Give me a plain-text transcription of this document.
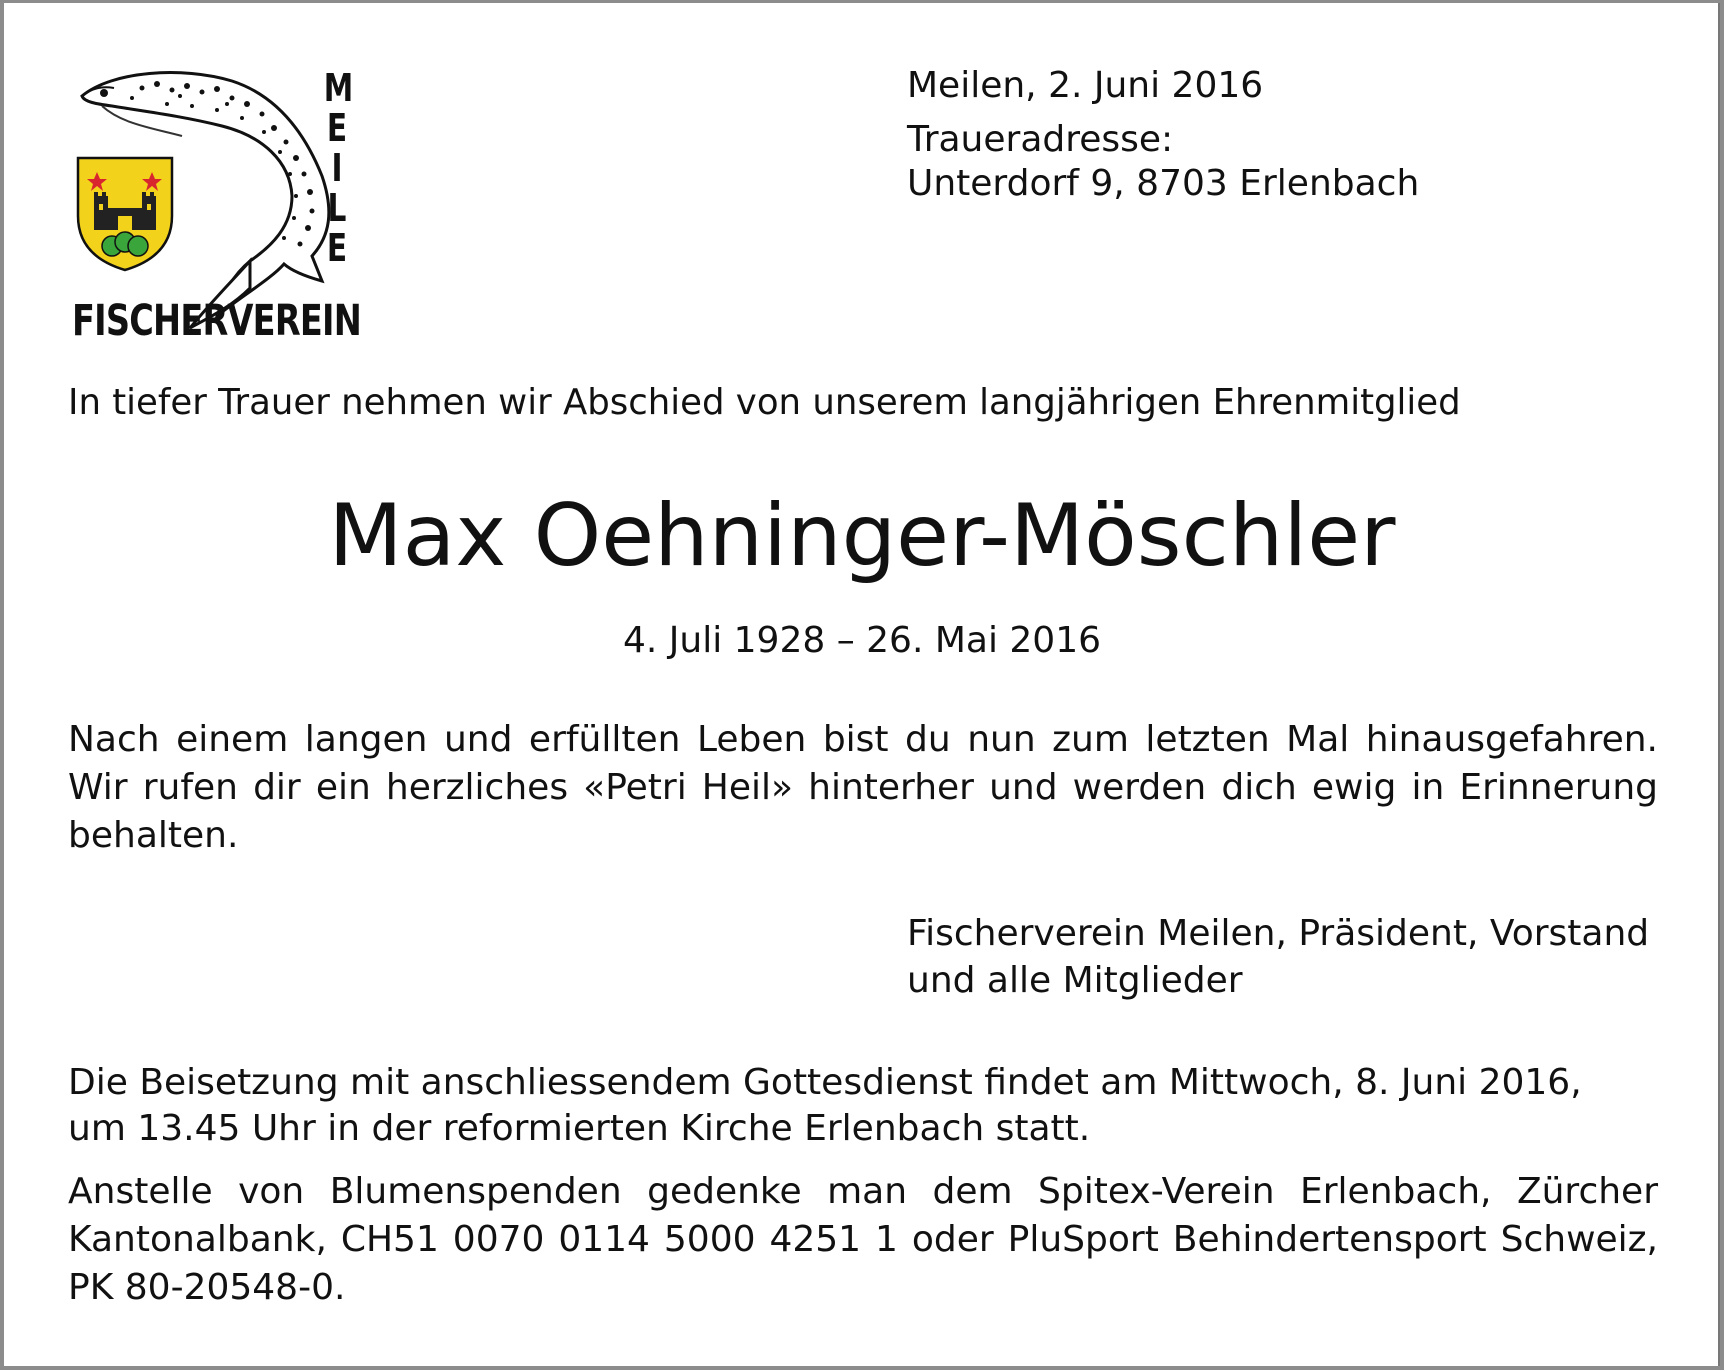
M
E
I
L
E
FISCHERVEREIN
Meilen, 2. Juni 2016
Traueradresse:
Unterdorf 9, 8703 Erlenbach
In tiefer Trauer nehmen wir Abschied von unserem langjährigen Ehrenmitglied
Max Oehninger-Möschler
4. Juli 1928 – 26. Mai 2016
Nach einem langen und erfüllten Leben bist du nun zum letzten Mal hinausgefahren. Wir rufen dir ein herzliches «Petri Heil» hinterher und werden dich ewig in Erinnerung behalten.
Fischerverein Meilen, Präsident, Vorstand
und alle Mitglieder
Die Beisetzung mit anschliessendem Gottesdienst findet am Mittwoch, 8. Juni 2016, um 13.45 Uhr in der reformierten Kirche Erlenbach statt.
Anstelle von Blumenspenden gedenke man dem Spitex-Verein Erlenbach, Zürcher Kantonalbank, CH51 0070 0114 5000 4251 1 oder PluSport Behindertensport Schweiz, PK 80-20548-0.
